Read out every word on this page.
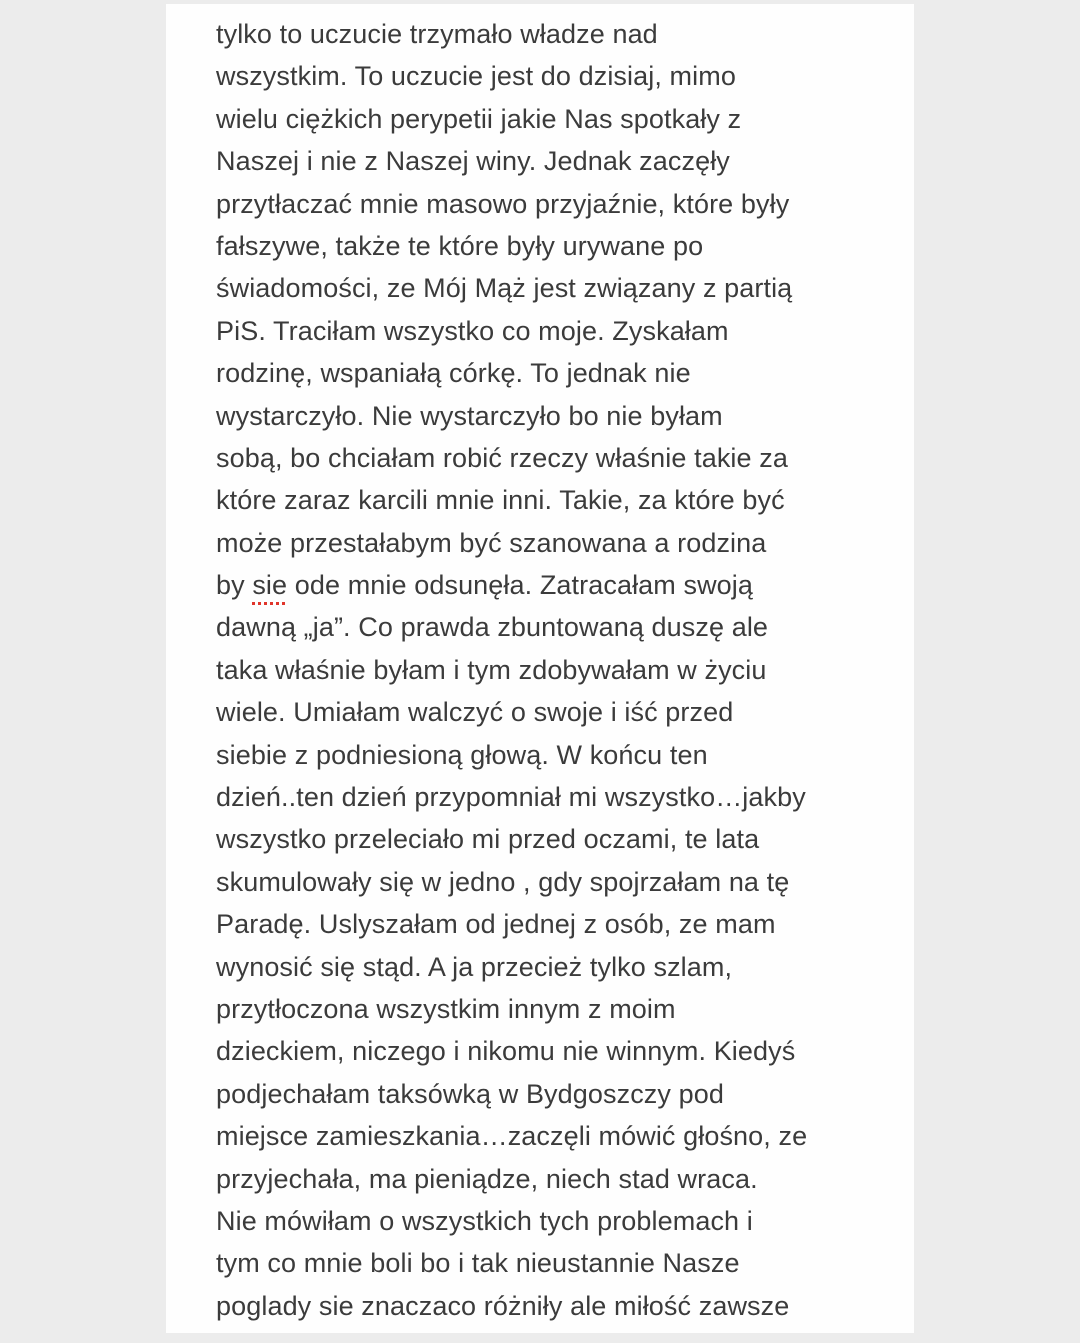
tylko to uczucie trzymało władze nad
wszystkim. To uczucie jest do dzisiaj, mimo
wielu ciężkich perypetii jakie Nas spotkały z
Naszej i nie z Naszej winy. Jednak zaczęły
przytłaczać mnie masowo przyjaźnie, które były
fałszywe, także te które były urywane po
świadomości, ze Mój Mąż jest związany z partią
PiS. Traciłam wszystko co moje. Zyskałam
rodzinę, wspaniałą córkę. To jednak nie
wystarczyło. Nie wystarczyło bo nie byłam
sobą, bo chciałam robić rzeczy właśnie takie za
które zaraz karcili mnie inni. Takie, za które być
może przestałabym być szanowana a rodzina
by sie ode mnie odsunęła. Zatracałam swoją
dawną „ja”. Co prawda zbuntowaną duszę ale
taka właśnie byłam i tym zdobywałam w życiu
wiele. Umiałam walczyć o swoje i iść przed
siebie z podniesioną głową. W końcu ten
dzień..ten dzień przypomniał mi wszystko…jakby
wszystko przeleciało mi przed oczami, te lata
skumulowały się w jedno , gdy spojrzałam na tę
Paradę. Uslyszałam od jednej z osób, ze mam
wynosić się stąd. A ja przecież tylko szlam,
przytłoczona wszystkim innym z moim
dzieckiem, niczego i nikomu nie winnym. Kiedyś
podjechałam taksówką w Bydgoszczy pod
miejsce zamieszkania…zaczęli mówić głośno, ze
przyjechała, ma pieniądze, niech stad wraca.
Nie mówiłam o wszystkich tych problemach i
tym co mnie boli bo i tak nieustannie Nasze
poglady sie znaczaco różniły ale miłość zawsze
